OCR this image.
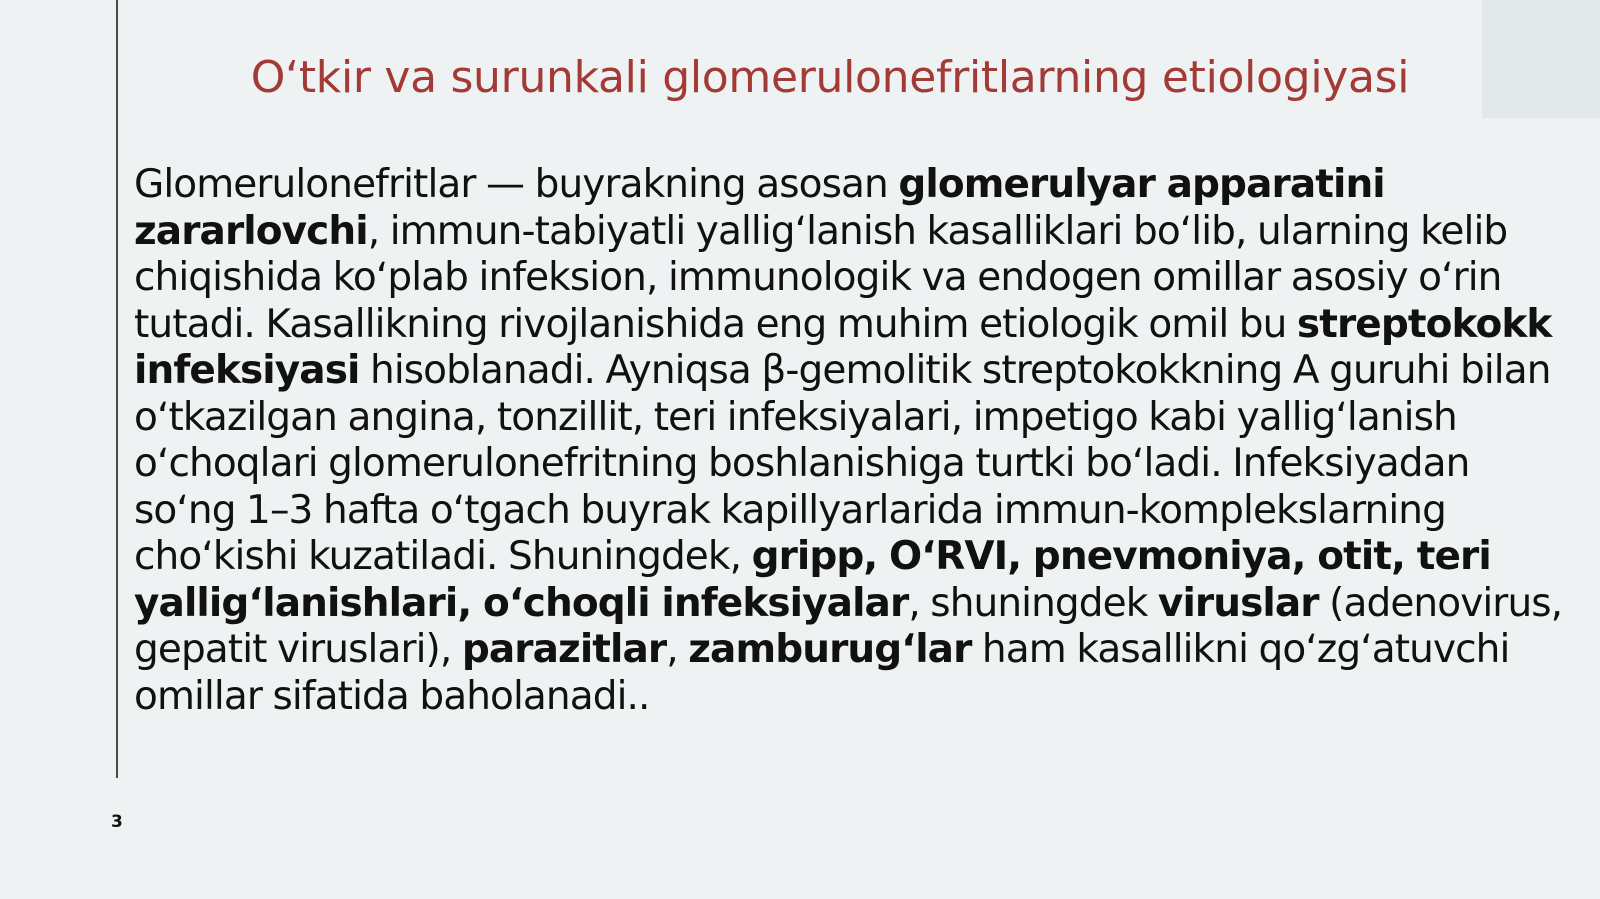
O‘tkir va surunkali glomerulonefritlarning etiologiyasi

Glomerulonefritlar — buyrakning asosan glomerulyar apparatini zararlovchi, immun-tabiyatli yallig‘lanish kasalliklari bo‘lib, ularning kelib chiqishida ko‘plab infeksion, immunologik va endogen omillar asosiy o‘rin tutadi. Kasallikning rivojlanishida eng muhim etiologik omil bu streptokokk infeksiyasi hisoblanadi. Ayniqsa β-gemolitik streptokokkning A guruhi bilan o‘tkazilgan angina, tonzillit, teri infeksiyalari, impetigo kabi yallig‘lanish o‘choqlari glomerulonefritning boshlanishiga turtki bo‘ladi. Infeksiyadan so‘ng 1–3 hafta o‘tgach buyrak kapillyarlarida immun-komplekslarning cho‘kishi kuzatiladi. Shuningdek, gripp, O‘RVI, pnevmoniya, otit, teri yallig‘lanishlari, o‘choqli infeksiyalar, shuningdek viruslar (adenovirus, gepatit viruslari), parazitlar, zamburug‘lar ham kasallikni qo‘zg‘atuvchi omillar sifatida baholanadi..

3
